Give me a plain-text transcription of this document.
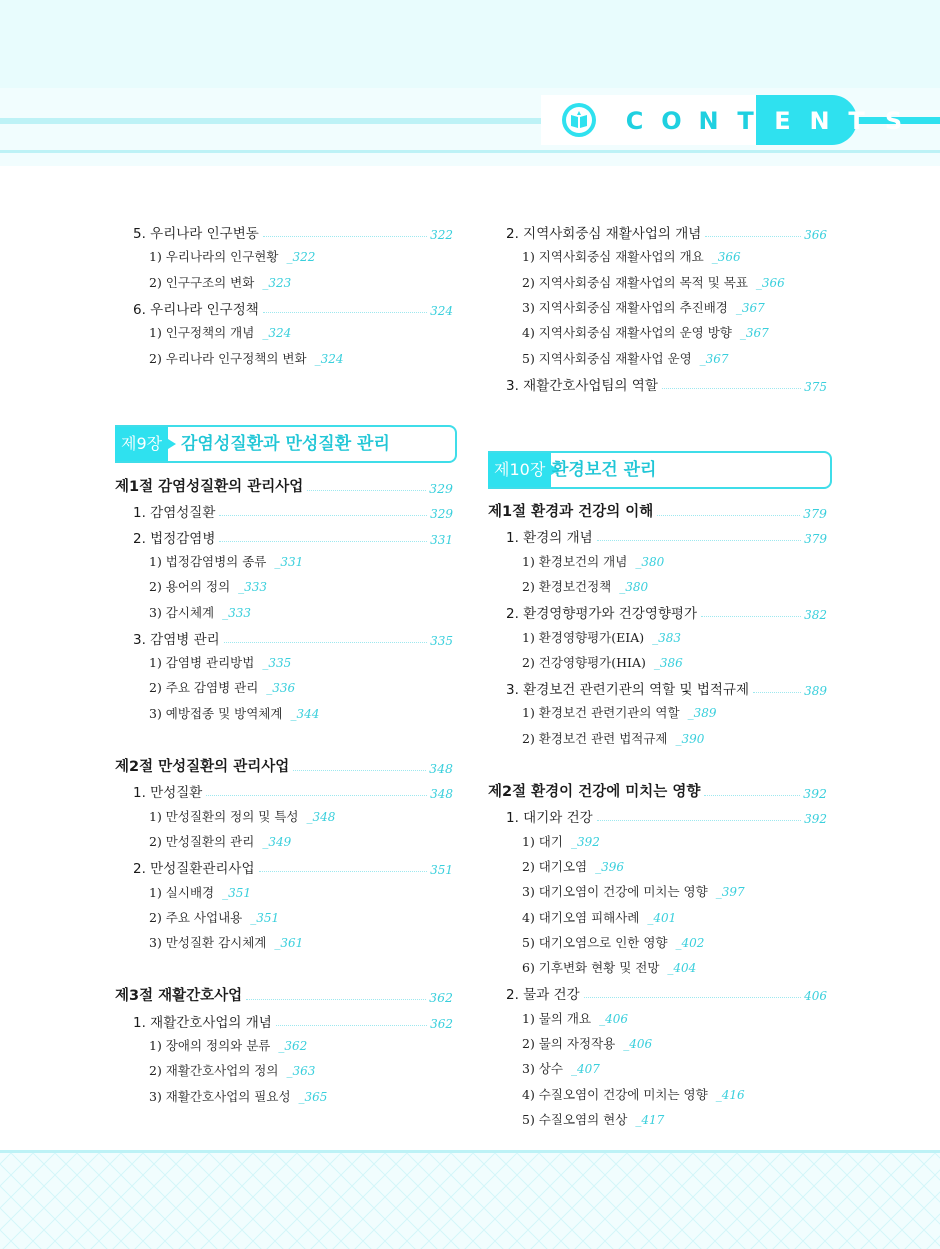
C O N T E N T S
제9장	감염성질환과 만성질환 관리
제10장 환경보건 관리
5. 우리나라 인구변동	322
1) 우리나라의 인구현황 _322
2) 인구구조의 변화 _323
6. 우리나라 인구정책	324
1) 인구정책의 개념 _324
2) 우리나라 인구정책의 변화 _324
제1절 감염성질환의 관리사업	329
1. 감염성질환	329
2. 법정감염병	331
1) 법정감염병의 종류 _331
2) 용어의 정의 _333
3) 감시체계 _333
3. 감염병 관리	335
1) 감염병 관리방법 _335
2) 주요 감염병 관리 _336
3) 예방접종 및 방역체계 _344
제2절 만성질환의 관리사업	348
1. 만성질환	348
1) 만성질환의 정의 및 특성 _348
2) 만성질환의 관리 _349
2. 만성질환관리사업	351
1) 실시배경 _351
2) 주요 사업내용 _351
3) 만성질환 감시체계 _361
제3절 재활간호사업	362
1. 재활간호사업의 개념	362
1) 장애의 정의와 분류 _362
2) 재활간호사업의 정의 _363
3) 재활간호사업의 필요성 _365
2. 지역사회중심 재활사업의 개념	366
1) 지역사회중심 재활사업의 개요 _366
2) 지역사회중심 재활사업의 목적 및 목표 _366
3) 지역사회중심 재활사업의 추진배경 _367
4) 지역사회중심 재활사업의 운영 방향 _367
5) 지역사회중심 재활사업 운영 _367
3. 재활간호사업팀의 역할	375
제1절 환경과 건강의 이해	379
1. 환경의 개념	379
1) 환경보건의 개념 _380
2) 환경보건정책 _380
2. 환경영향평가와 건강영향평가	382
1) 환경영향평가(EIA) _383
2) 건강영향평가(HIA) _386
3. 환경보건 관련기관의 역할 및 법적규제	389
1) 환경보건 관련기관의 역할 _389
2) 환경보건 관련 법적규제 _390
제2절 환경이 건강에 미치는 영향	392
1. 대기와 건강	392
1) 대기 _392
2) 대기오염 _396
3) 대기오염이 건강에 미치는 영향 _397
4) 대기오염 피해사례 _401
5) 대기오염으로 인한 영향 _402
6) 기후변화 현황 및 전망 _404
2. 물과 건강	406
1) 물의 개요 _406
2) 물의 자정작용 _406
3) 상수 _407
4) 수질오염이 건강에 미치는 영향 _416
5) 수질오염의 현상 _417
